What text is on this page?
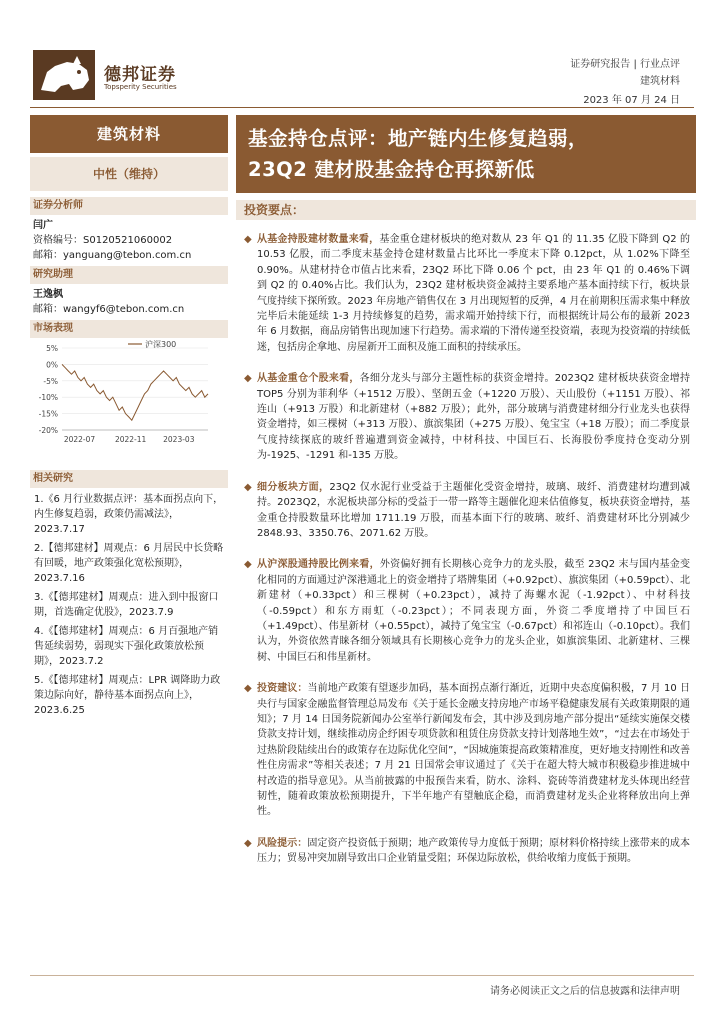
德邦证券
Topsperity Securities
证券研究报告 | 行业点评
建筑材料
2023 年 07 月 24 日
建筑材料
中性（维持）
证券分析师
闫广
资格编号：S0120521060002
邮箱：yanguang@tebon.com.cn
研究助理
王逸枫
邮箱：wangyf6@tebon.com.cn
市场表现
5%
0%
-5%
-10%
-15%
-20%
2022-07	2022-11 2023-03
沪深300
相关研究
1.《6 月行业数据点评：基本面拐点向下，内生修复趋弱，政策仍需减法》，2023.7.17
2.【德邦建材】周观点：6 月居民中长贷略有回暖，地产政策强化宽松预期》，2023.7.16
3.《【德邦建材】周观点：进入到中报窗口期，首选确定优股》，2023.7.9
4.《【德邦建材】周观点：6 月百强地产销售延续弱势，弱现实下强化政策放松预期》，2023.7.2
5.《【德邦建材】周观点：LPR 调降助力政策边际向好，静待基本面拐点向上》，2023.6.25
基金持仓点评：地产链内生修复趋弱，
23Q2 建材股基金持仓再探新低
投资要点：

◆ 从基金持股建材数量来看，基金重仓建材板块的绝对数从 23 年 Q1 的 11.35 亿股下降到 Q2 的 10.53 亿股，而二季度末基金持仓建材数量占比环比一季度末下降 0.12pct，从 1.02%下降至 0.90%。从建材持仓市值占比来看，23Q2 环比下降 0.06 个 pct，由 23 年 Q1 的 0.46%下调到 Q2 的 0.40%占比。我们认为，23Q2 建材板块资金减持主要系地产基本面持续下行，板块景气度持续下探所致。2023 年房地产销售仅在 3 月出现短暂的反弹，4 月在前期积压需求集中释放完毕后未能延续 1-3 月持续修复的趋势，需求端开始持续下行，而根据统计局公布的最新 2023 年 6 月数据，商品房销售出现加速下行趋势。需求端的下滑传递至投资端，表现为投资端的持续低迷，包括房企拿地、房屋新开工面积及施工面积的持续承压。

◆ 从基金重仓个股来看，各细分龙头与部分主题性标的获资金增持。2023Q2 建材板块获资金增持 TOP5 分别为菲利华（+1512 万股）、坚朗五金（+1220 万股）、天山股份（+1151 万股）、祁连山（+913 万股）和北新建材（+882 万股）；此外，部分玻璃与消费建材细分行业龙头也获得资金增持，如三棵树（+313 万股）、旗滨集团（+275 万股）、兔宝宝（+18 万股）；而二季度景气度持续探底的玻纤普遍遭到资金减持，中材科技、中国巨石、长海股份季度持仓变动分别为-1925、-1291 和-135 万股。

◆ 细分板块方面，23Q2 仅水泥行业受益于主题催化受资金增持，玻璃、玻纤、消费建材均遭到减持。2023Q2，水泥板块部分标的受益于一带一路等主题催化迎来估值修复，板块获资金增持，基金重仓持股数量环比增加 1711.19 万股，而基本面下行的玻璃、玻纤、消费建材环比分别减少 2848.93、3350.76、2071.62 万股。

◆ 从沪深股通持股比例来看，外资偏好拥有长期核心竞争力的龙头股，截至 23Q2 末与国内基金变化相同的方面通过沪深港通北上的资金增持了塔牌集团（+0.92pct）、旗滨集团（+0.59pct）、北新建材（+0.33pct）和三棵树（+0.23pct），减持了海螺水泥（-1.92pct）、中材科技（-0.59pct）和东方雨虹（-0.23pct）；不同表现方面，外资二季度增持了中国巨石（+1.49pct）、伟星新材（+0.55pct），减持了兔宝宝（-0.67pct）和祁连山（-0.10pct）。我们认为，外资依然青睐各细分领域具有长期核心竞争力的龙头企业，如旗滨集团、北新建材、三棵树、中国巨石和伟星新材。

◆ 投资建议：当前地产政策有望逐步加码，基本面拐点渐行渐近，近期中央态度偏积极，7 月 10 日央行与国家金融监督管理总局发布《关于延长金融支持房地产市场平稳健康发展有关政策期限的通知》；7 月 14 日国务院新闻办公室举行新闻发布会，其中涉及到房地产部分提出“延续实施保交楼贷款支持计划，继续推动房企纾困专项贷款和租赁住房贷款支持计划落地生效”，“过去在市场处于过热阶段陆续出台的政策存在边际优化空间”，“因城施策提高政策精准度，更好地支持刚性和改善性住房需求”等相关表述；7 月 21 日国常会审议通过了《关于在超大特大城市积极稳步推进城中村改造的指导意见》。从当前披露的中报预告来看，防水、涂料、瓷砖等消费建材龙头体现出经营韧性，随着政策放松预期提升，下半年地产有望触底企稳，而消费建材龙头企业将释放出向上弹性。

◆ 风险提示：固定资产投资低于预期；地产政策传导力度低于预期；原材料价格持续上涨带来的成本压力；贸易冲突加剧导致出口企业销量受阻；环保边际放松，供给收缩力度低于预期。

请务必阅读正文之后的信息披露和法律声明
